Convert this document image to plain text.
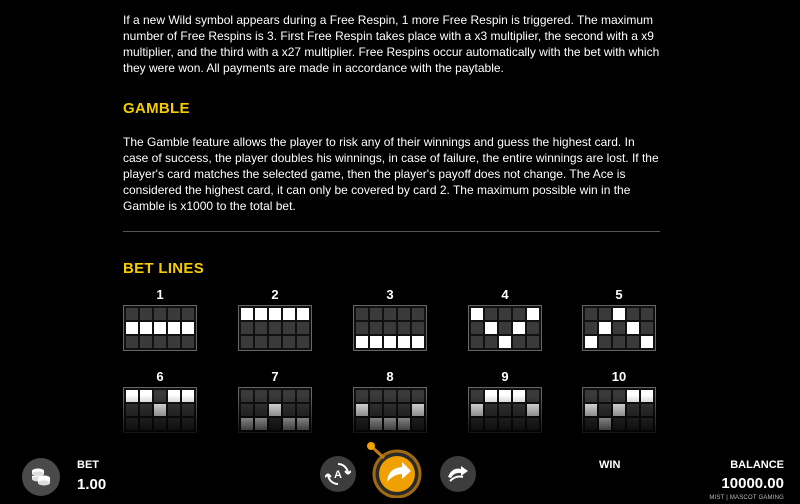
If a new Wild symbol appears during a Free Respin, 1 more Free Respin is triggered. The maximum number of Free Respins is 3. First Free Respin takes place with a x3 multiplier, the second with a x9 multiplier, and the third with a x27 multiplier. Free Respins occur automatically with the bet with which they were won. All payments are made in accordance with the paytable.

GAMBLE

The Gamble feature allows the player to risk any of their winnings and guess the highest card. In case of success, the player doubles his winnings, in case of failure, the entire winnings are lost. If the player's card matches the selected game, then the player's payoff does not change. The Ace is considered the highest card, it can only be covered by card 2. The maximum possible win in the Gamble is x1000 to the total bet.

BET LINES
1	2	3	4	5
6	7	8	9	10
BET
1.00
A
WIN	BALANCE
10000.00
MIST | MASCOT GAMING
